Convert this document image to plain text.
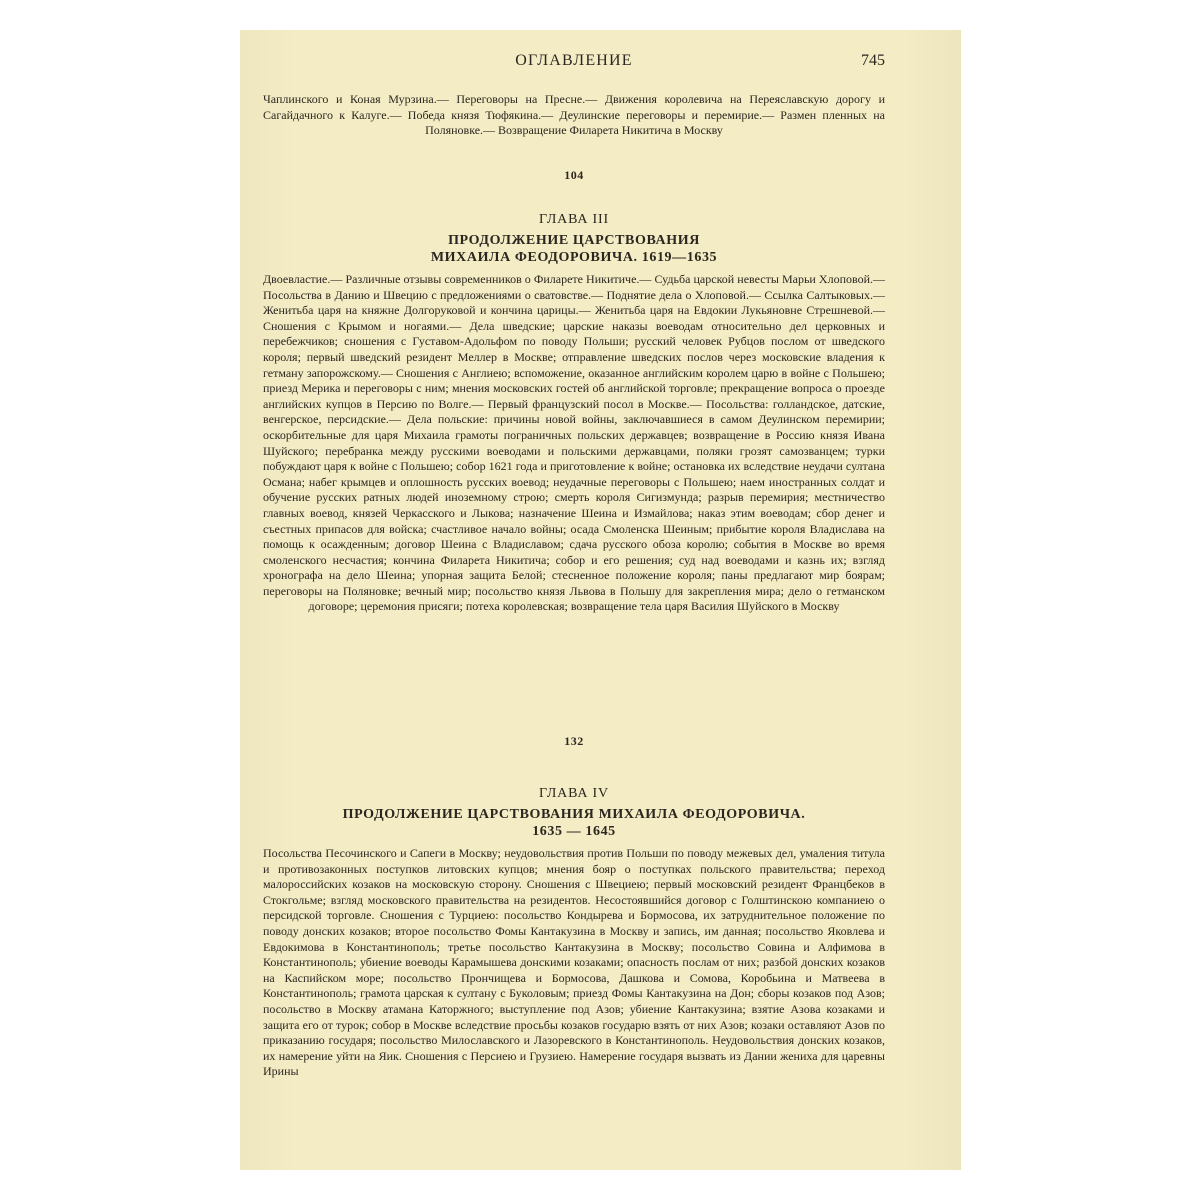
ОГЛАВЛЕНИЕ	745

Чаплинского и Коная Мурзина.— Переговоры на Пресне.— Движения королевича на Переяславскую дорогу и Сагайдачного к Калуге.— Победа князя Тюфякина.— Деулинские переговоры и перемирие.— Размен пленных на Поляновке.— Возвращение Филарета Никитича в Москву

104
ГЛАВА III
ПРОДОЛЖЕНИЕ ЦАРСТВОВАНИЯ
МИХАИЛА ФЕОДОРОВИЧА. 1619—1635

Двоевластие.— Различные отзывы современников о Филарете Никитиче.— Судьба царской невесты Марьи Хлоповой.— Посольства в Данию и Швецию с предложениями о сватовстве.— Поднятие дела о Хлоповой.— Ссылка Салтыковых.— Женитьба царя на княжне Долгоруковой и кончина царицы.— Женитьба царя на Евдокии Лукьяновне Стрешневой.— Сношения с Крымом и ногаями.— Дела шведские; царские наказы воеводам относительно дел церковных и перебежчиков; сношения с Густавом-Адольфом по поводу Польши; русский человек Рубцов послом от шведского короля; первый шведский резидент Меллер в Москве; отправление шведских послов через московские владения к гетману запорожскому.— Сношения с Англиею; вспоможение, оказанное английским королем царю в войне с Польшею; приезд Мерика и переговоры с ним; мнения московских гостей об английской торговле; прекращение вопроса о проезде английских купцов в Персию по Волге.— Первый французский посол в Москве.— Посольства: голландское, датские, венгерское, персидские.— Дела польские: причины новой войны, заключавшиеся в самом Деулинском перемирии; оскорбительные для царя Михаила грамоты пограничных польских державцев; возвращение в Россию князя Ивана Шуйского; перебранка между русскими воеводами и польскими державцами, поляки грозят самозванцем; турки побуждают царя к войне с Польшею; собор 1621 года и приготовление к войне; остановка их вследствие неудачи султана Османа; набег крымцев и оплошность русских воевод; неудачные переговоры с Польшею; наем иностранных солдат и обучение русских ратных людей иноземному строю; смерть короля Сигизмунда; разрыв перемирия; местничество главных воевод, князей Черкасского и Лыкова; назначение Шеина и Измайлова; наказ этим воеводам; сбор денег и съестных припасов для войска; счастливое начало войны; осада Смоленска Шеиным; прибытие короля Владислава на помощь к осажденным; договор Шеина с Владиславом; сдача русского обоза королю; события в Москве во время смоленского несчастия; кончина Филарета Никитича; собор и его решения; суд над воеводами и казнь их; взгляд хронографа на дело Шеина; упорная защита Белой; стесненное положение короля; паны предлагают мир боярам; переговоры на Поляновке; вечный мир; посольство князя Львова в Польшу для закрепления мира; дело о гетманском договоре; церемония присяги; потеха королевская; возвращение тела царя Василия Шуйского в Москву

132
ГЛАВА IV
ПРОДОЛЖЕНИЕ ЦАРСТВОВАНИЯ МИХАИЛА ФЕОДОРОВИЧА.
1635 — 1645

Посольства Песочинского и Сапеги в Москву; неудовольствия против Польши по поводу межевых дел, умаления титула и противозаконных поступков литовских купцов; мнения бояр о поступках польского правительства; переход малороссийских козаков на московскую сторону. Сношения с Швециею; первый московский резидент Францбеков в Стокгольме; взгляд московского правительства на резидентов. Несостоявшийся договор с Голштинскою компаниею о персидской торговле. Сношения с Турциею: посольство Кондырева и Бормосова, их затруднительное положение по поводу донских козаков; второе посольство Фомы Кантакузина в Москву и запись, им данная; посольство Яковлева и Евдокимова в Константинополь; третье посольство Кантакузина в Москву; посольство Совина и Алфимова в Константинополь; убиение воеводы Карамышева донскими козаками; опасность послам от них; разбой донских козаков на Каспийском море; посольство Прончищева и Бормосова, Дашкова и Сомова, Коробьина и Матвеева в Константинополь; грамота царская к султану с Буколовым; приезд Фомы Кантакузина на Дон; сборы козаков под Азов; посольство в Москву атамана Каторжного; выступление под Азов; убиение Кантакузина; взятие Азова козаками и защита его от турок; собор в Москве вследствие просьбы козаков государю взять от них Азов; козаки оставляют Азов по приказанию государя; посольство Милославского и Лазоревского в Константинополь. Неудовольствия донских козаков, их намерение уйти на Яик. Сношения с Персиею и Грузиею. Намерение государя вызвать из Дании жениха для царевны Ирины
